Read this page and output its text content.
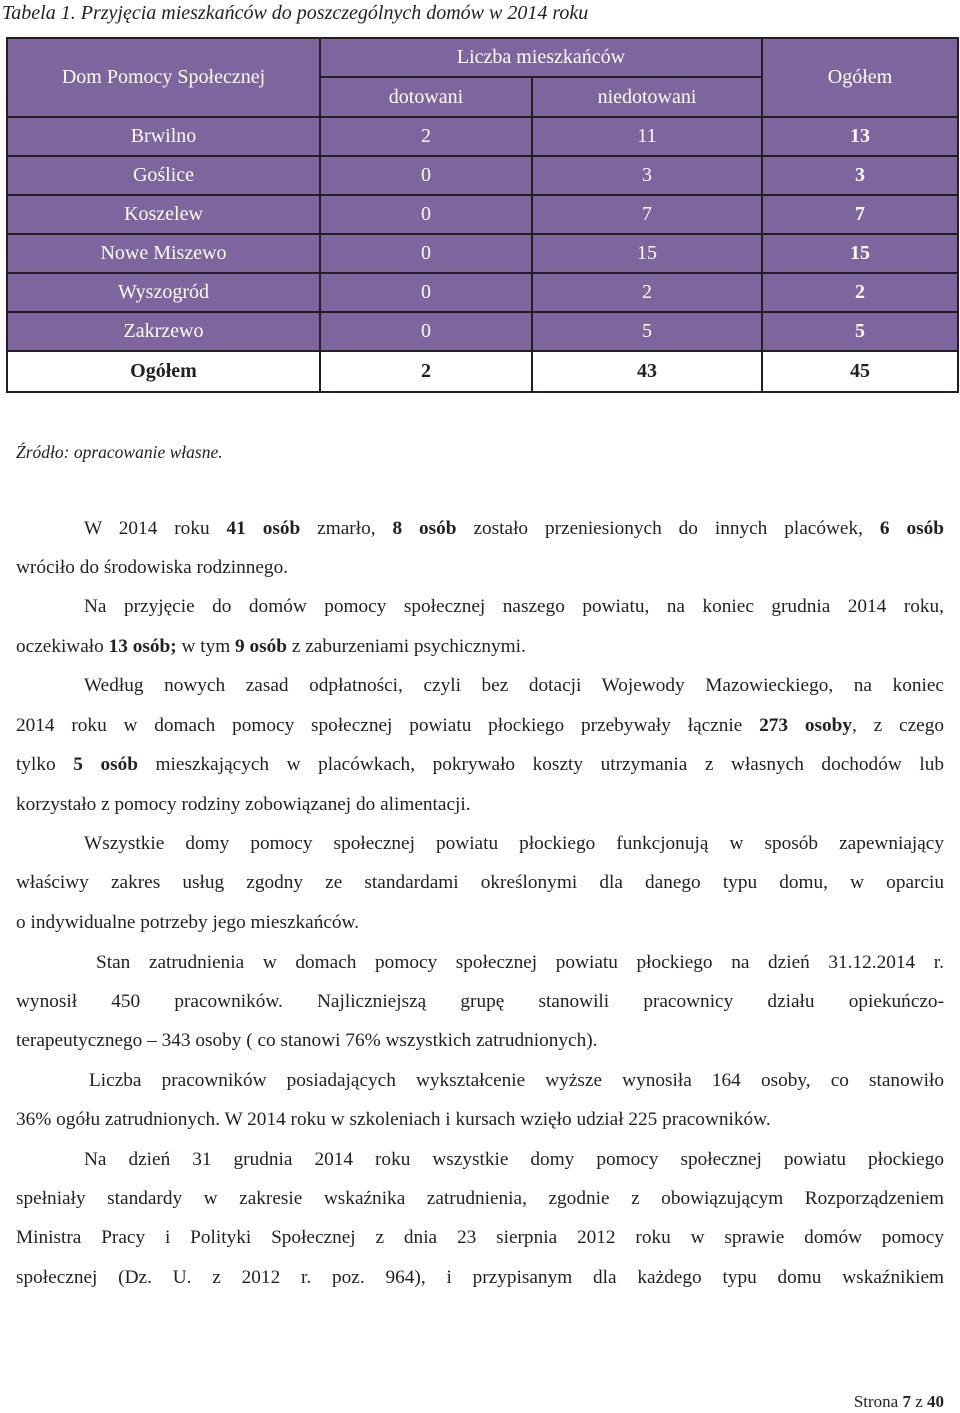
Tabela 1. Przyjęcia mieszkańców do poszczególnych domów w 2014 roku
Dom Pomocy Społecznej	Liczba mieszkańców		Ogółem
	dotowani	niedotowani	
Brwilno	2	11	13
Goślice	0	3	3
Koszelew	0	7	7
Nowe Miszewo	0	15	15
Wyszogród	0	2	2
Zakrzewo	0	5	5
Ogółem	2	43	45
Źródło: opracowanie własne.
W 2014 roku 41 osób zmarło, 8 osób zostało przeniesionych do innych placówek, 6 osób
wróciło do środowiska rodzinnego.
Na przyjęcie do domów pomocy społecznej naszego powiatu, na koniec grudnia 2014 roku,
oczekiwało 13 osób; w tym 9 osób z zaburzeniami psychicznymi.
Według nowych zasad odpłatności, czyli bez dotacji Wojewody Mazowieckiego, na koniec
2014 roku w domach pomocy społecznej powiatu płockiego przebywały łącznie 273 osoby, z czego
tylko 5 osób mieszkających w placówkach, pokrywało koszty utrzymania z własnych dochodów lub
korzystało z pomocy rodziny zobowiązanej do alimentacji.
Wszystkie domy pomocy społecznej powiatu płockiego funkcjonują w sposób zapewniający
właściwy zakres usług zgodny ze standardami określonymi dla danego typu domu, w oparciu
o indywidualne potrzeby jego mieszkańców.
Stan zatrudnienia w domach pomocy społecznej powiatu płockiego na dzień 31.12.2014 r.
wynosił 450 pracowników. Najliczniejszą grupę stanowili pracownicy działu opiekuńczo-
terapeutycznego – 343 osoby ( co stanowi 76% wszystkich zatrudnionych).
Liczba pracowników posiadających wykształcenie wyższe wynosiła 164 osoby, co stanowiło
36% ogółu zatrudnionych. W 2014 roku w szkoleniach i kursach wzięło udział 225 pracowników.
Na dzień 31 grudnia 2014 roku wszystkie domy pomocy społecznej powiatu płockiego
spełniały standardy w zakresie wskaźnika zatrudnienia, zgodnie z obowiązującym Rozporządzeniem
Ministra Pracy i Polityki Społecznej z dnia 23 sierpnia 2012 roku w sprawie domów pomocy
społecznej (Dz. U. z 2012 r. poz. 964), i przypisanym dla każdego typu domu wskaźnikiem
Strona 7 z 40
